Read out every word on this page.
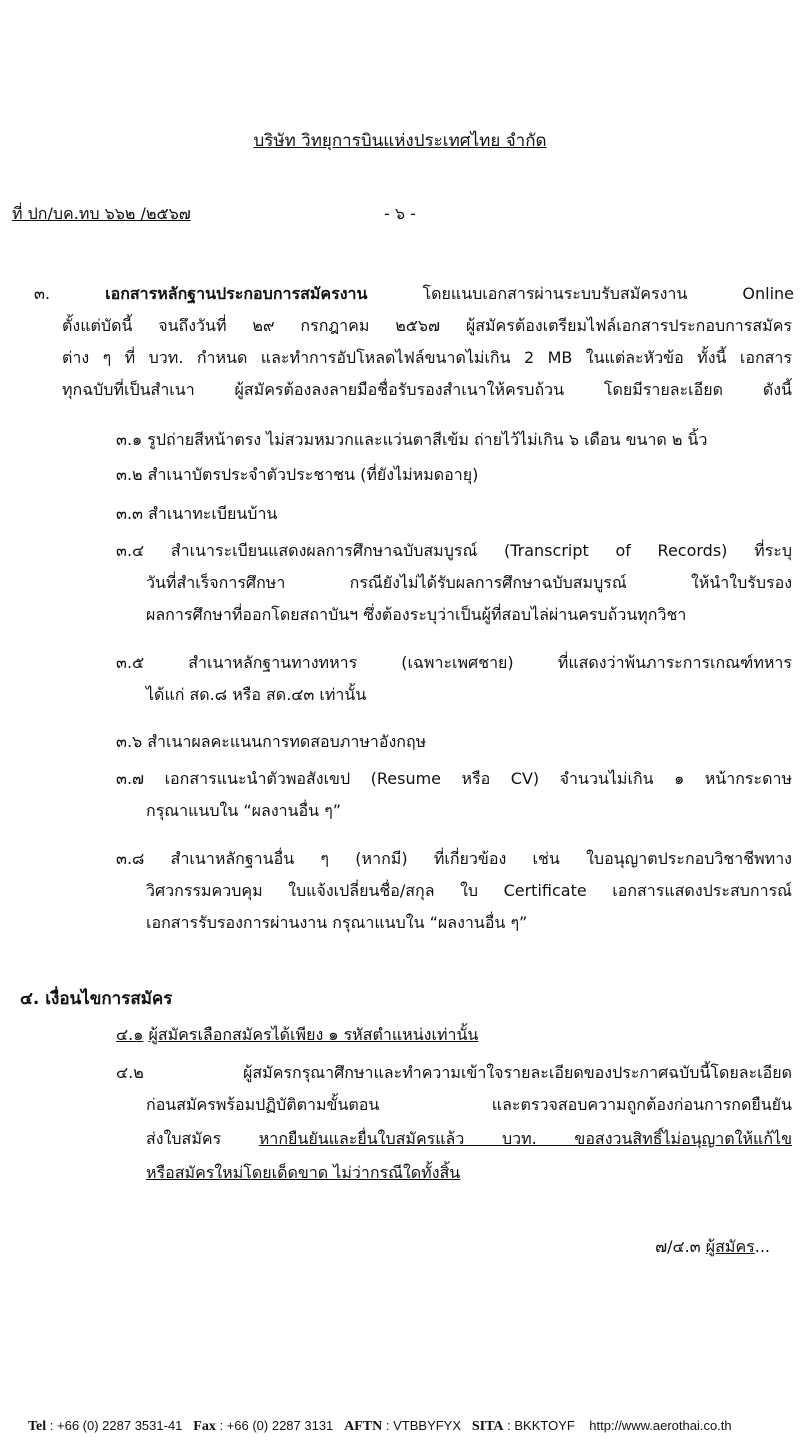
บริษัท วิทยุการบินแห่งประเทศไทย จำกัด
ที่ ปก/บค.ทบ ๖๖๒ /๒๕๖๗	- ๖ -
๓.	เอกสารหลักฐานประกอบการสมัครงาน	โดยแนบเอกสารผ่านระบบรับสมัครงาน Online
ตั้งแต่บัดนี้ จนถึงวันที่ ๒๙ กรกฎาคม ๒๕๖๗ ผู้สมัครต้องเตรียมไฟล์เอกสารประกอบการสมัคร
ต่าง ๆ ที่ บวท. กำหนด และทำการอัปโหลดไฟล์ขนาดไม่เกิน 2 MB ในแต่ละหัวข้อ ทั้งนี้ เอกสาร
ทุกฉบับที่เป็นสำเนา ผู้สมัครต้องลงลายมือชื่อรับรองสำเนาให้ครบถ้วน โดยมีรายละเอียด ดังนี้
๓.๑ รูปถ่ายสีหน้าตรง ไม่สวมหมวกและแว่นตาสีเข้ม ถ่ายไว้ไม่เกิน ๖ เดือน ขนาด ๒ นิ้ว
๓.๒ สำเนาบัตรประจำตัวประชาชน (ที่ยังไม่หมดอายุ)
๓.๓ สำเนาทะเบียนบ้าน
๓.๔ สำเนาระเบียนแสดงผลการศึกษาฉบับสมบูรณ์ (Transcript of Records) ที่ระบุ
วันที่สำเร็จการศึกษา กรณียังไม่ได้รับผลการศึกษาฉบับสมบูรณ์ ให้นำใบรับรอง
ผลการศึกษาที่ออกโดยสถาบันฯ ซึ่งต้องระบุว่าเป็นผู้ที่สอบไล่ผ่านครบถ้วนทุกวิชา
๓.๕	สำเนาหลักฐานทางทหาร (เฉพาะเพศชาย) ที่แสดงว่าพ้นภาระการเกณฑ์ทหาร
ได้แก่ สด.๘ หรือ สด.๔๓ เท่านั้น
๓.๖ สำเนาผลคะแนนการทดสอบภาษาอังกฤษ
๓.๗ เอกสารแนะนำตัวพอสังเขป (Resume หรือ CV) จำนวนไม่เกิน ๑ หน้ากระดาษ
กรุณาแนบใน “ผลงานอื่น ๆ”
๓.๘ สำเนาหลักฐานอื่น ๆ (หากมี) ที่เกี่ยวข้อง เช่น ใบอนุญาตประกอบวิชาชีพทาง
วิศวกรรมควบคุม ใบแจ้งเปลี่ยนชื่อ/สกุล ใบ Certificate เอกสารแสดงประสบการณ์
เอกสารรับรองการผ่านงาน กรุณาแนบใน “ผลงานอื่น ๆ”
๔. เงื่อนไขการสมัคร
๔.๑ ผู้สมัครเลือกสมัครได้เพียง ๑ รหัสตำแหน่งเท่านั้น
๔.๒	ผู้สมัครกรุณาศึกษาและทำความเข้าใจรายละเอียดของประกาศฉบับนี้โดยละเอียด
ก่อนสมัครพร้อมปฏิบัติตามขั้นตอน และตรวจสอบความถูกต้องก่อนการกดยืนยัน
ส่งใบสมัคร หากยืนยันและยื่นใบสมัครแล้ว บวท. ขอสงวนสิทธิ์ไม่อนุญาตให้แก้ไข
หรือสมัครใหม่โดยเด็ดขาด ไม่ว่ากรณีใดทั้งสิ้น
๗/๔.๓ ผู้สมัคร...
Tel : +66 (0) 2287 3531-41 Fax : +66 (0) 2287 3131 AFTN : VTBBYFYX SITA : BKKTOYF http://www.aerothai.co.th
